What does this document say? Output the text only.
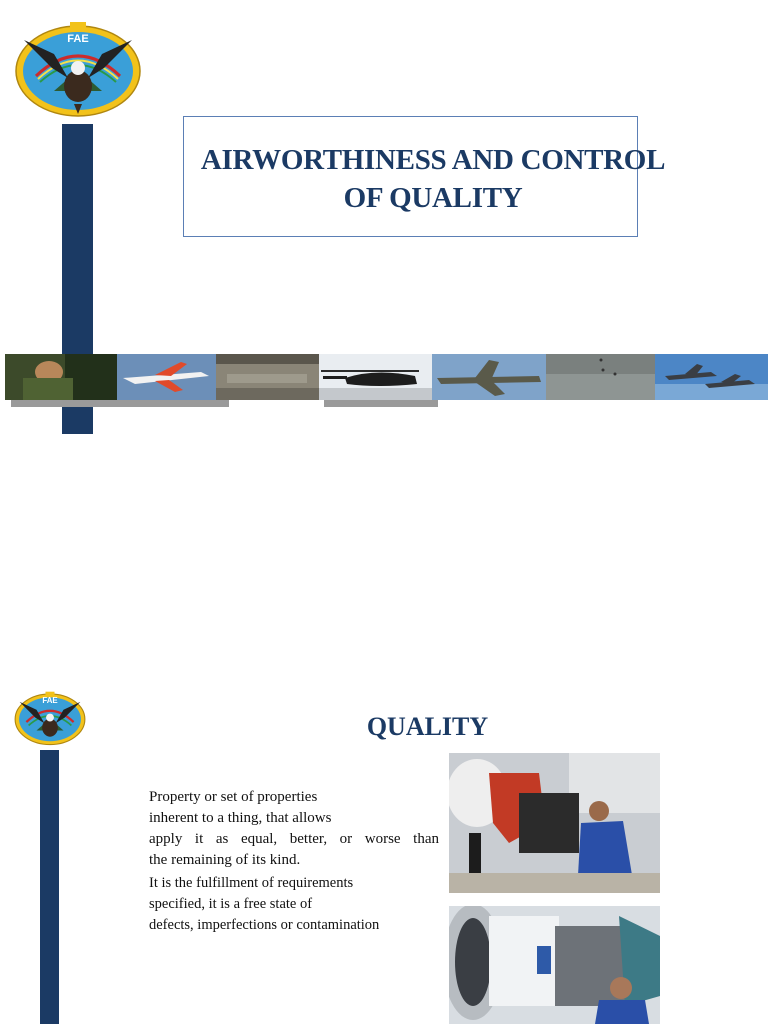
FAE
AIRWORTHINESS AND CONTROL
OF QUALITY
FAE
QUALITY
Property or set of properties
inherent to a thing, that allows
apply it as equal, better, or worse than
the remaining of its kind.
It is the fulfillment of requirements
specified, it is a free state of
defects, imperfections or contamination
